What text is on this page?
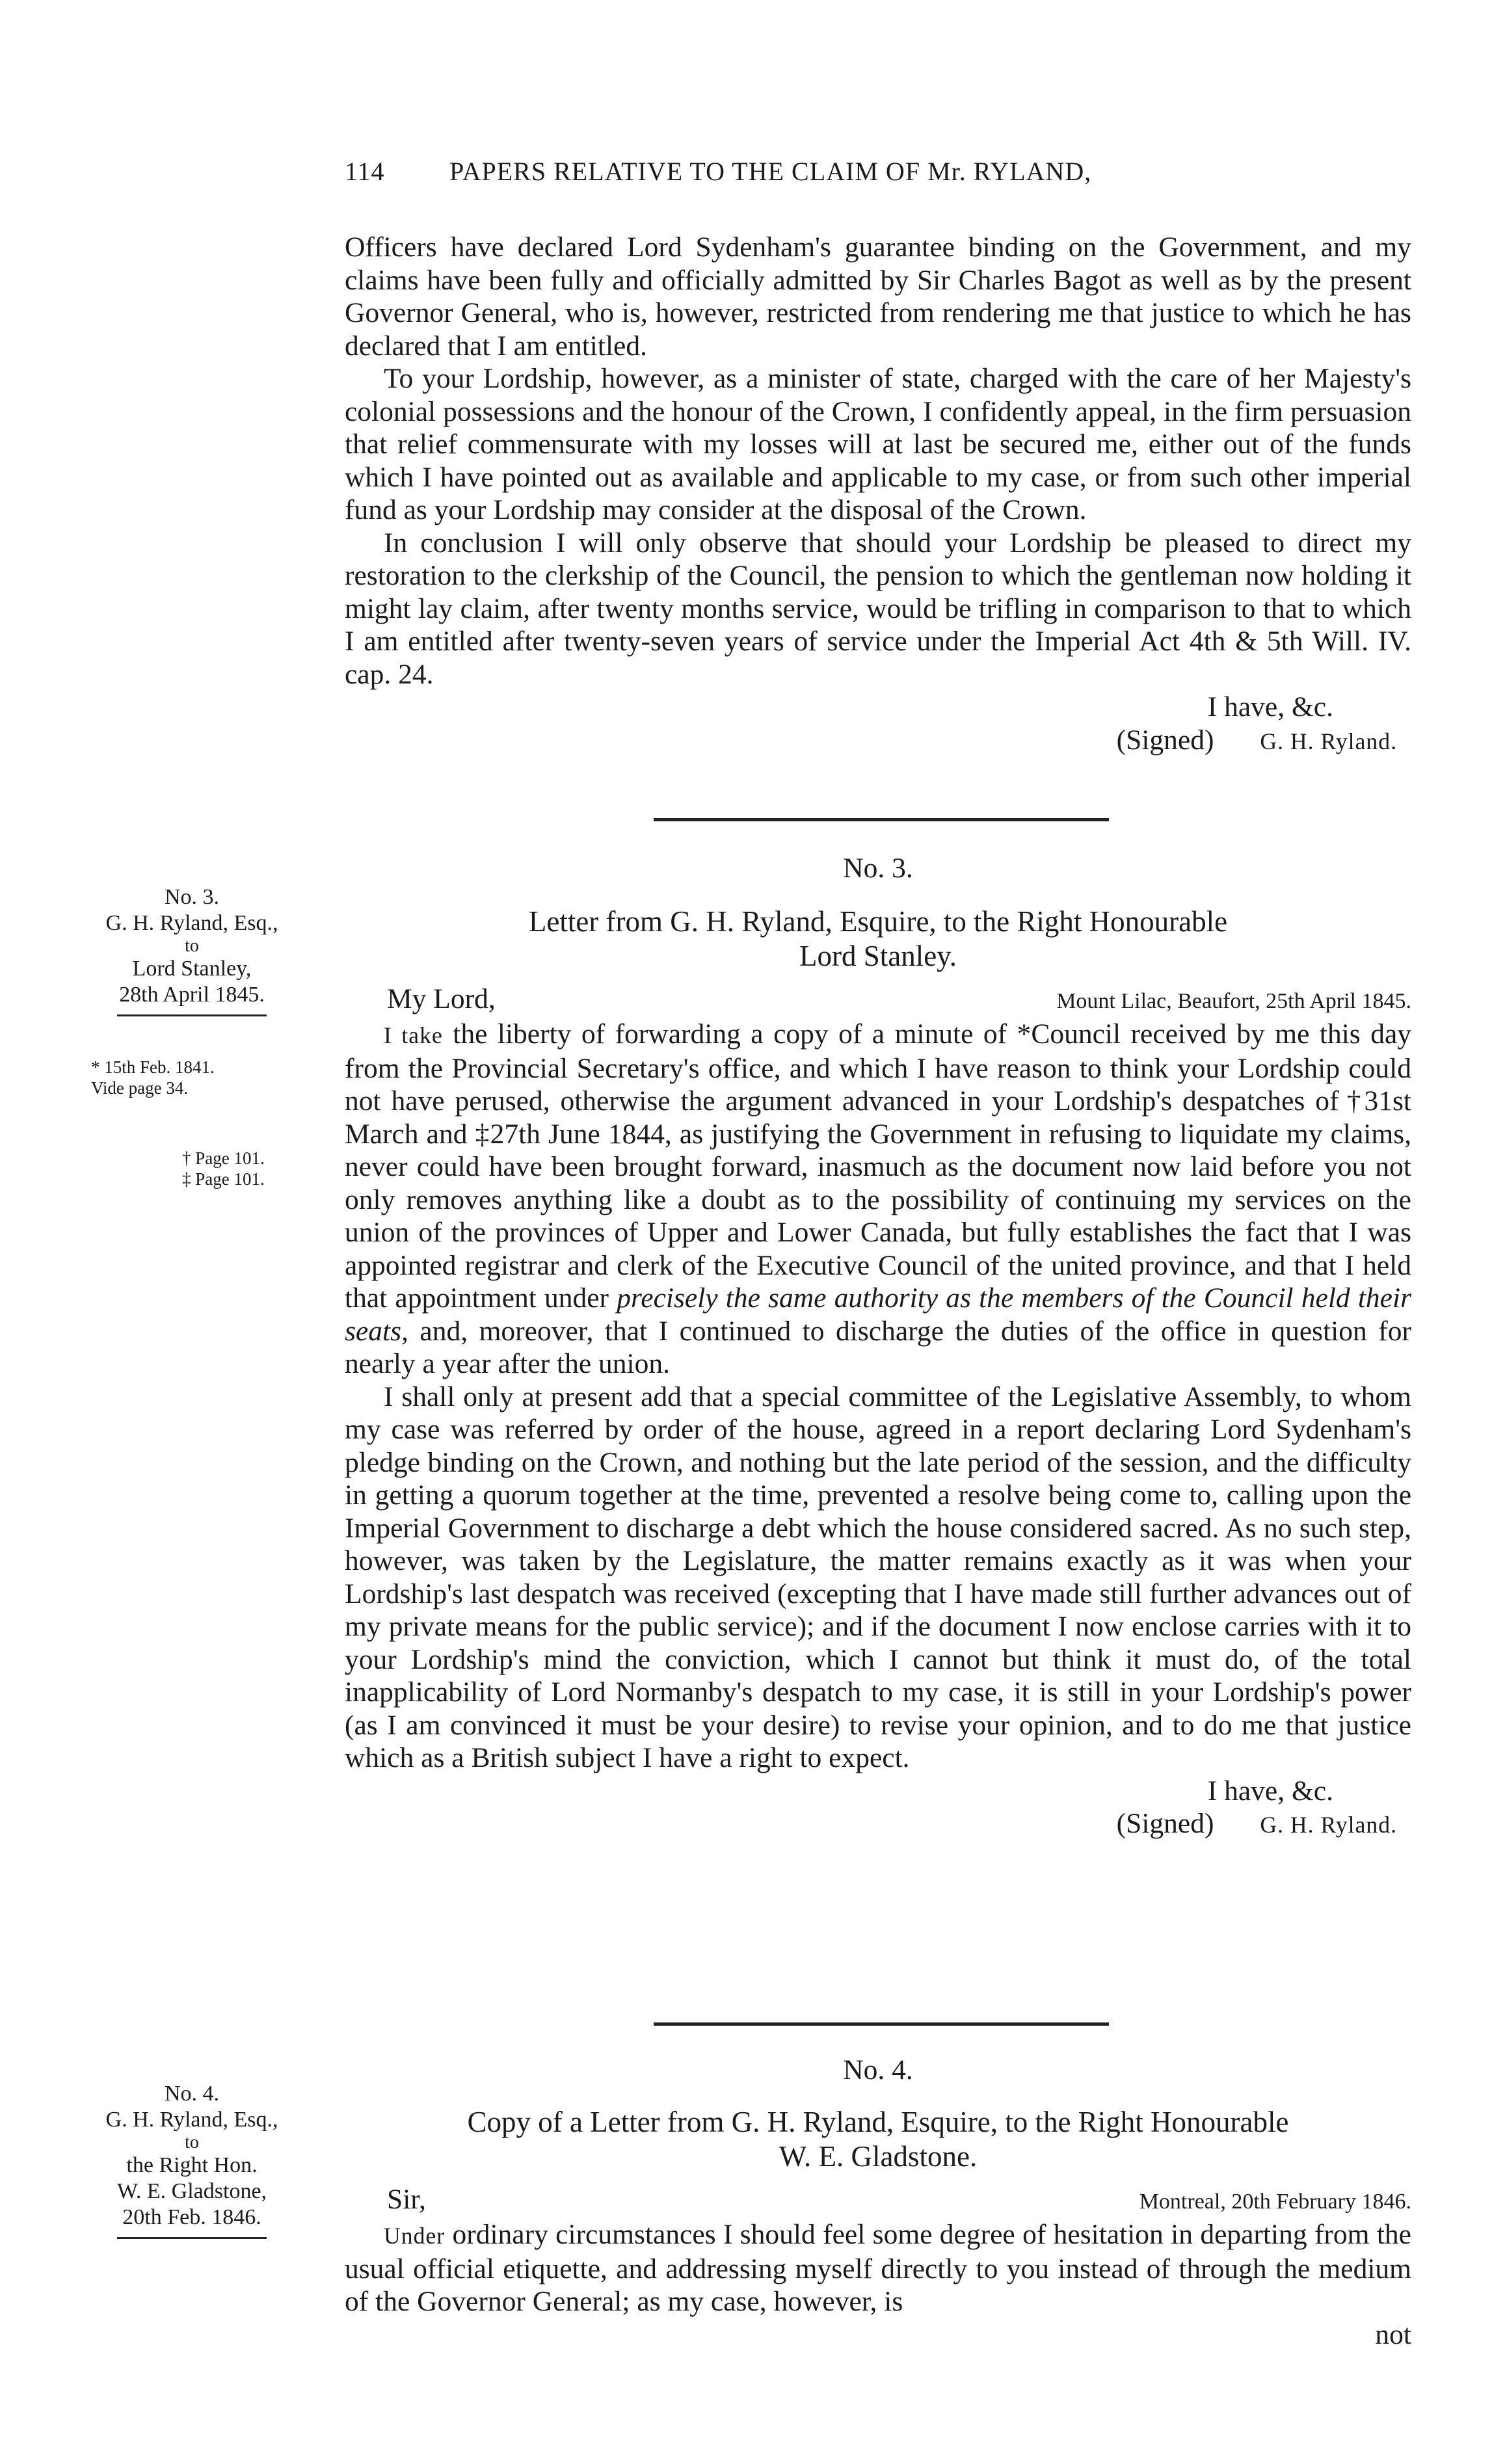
114 PAPERS RELATIVE TO THE CLAIM OF Mr. RYLAND,

Officers have declared Lord Sydenham's guarantee binding on the Government, and my claims have been fully and officially admitted by Sir Charles Bagot as well as by the present Governor General, who is, however, restricted from rendering me that justice to which he has declared that I am entitled.

To your Lordship, however, as a minister of state, charged with the care of her Majesty's colonial possessions and the honour of the Crown, I confidently appeal, in the firm persuasion that relief commensurate with my losses will at last be secured me, either out of the funds which I have pointed out as available and applicable to my case, or from such other imperial fund as your Lordship may consider at the disposal of the Crown.

In conclusion I will only observe that should your Lordship be pleased to direct my restoration to the clerkship of the Council, the pension to which the gentleman now holding it might lay claim, after twenty months service, would be trifling in comparison to that to which I am entitled after twenty-seven years of service under the Imperial Act 4th & 5th Will. IV. cap. 24.

I have, &c.

(Signed) G. H. Ryland.

No. 3.

Letter from G. H. Ryland, Esquire, to the Right Honourable
Lord Stanley.
My Lord,	Mount Lilac, Beaufort, 25th April 1845.

I take the liberty of forwarding a copy of a minute of *Council received by me this day from the Provincial Secretary's office, and which I have reason to think your Lordship could not have perused, otherwise the argument advanced in your Lordship's despatches of  †31st March and ‡27th June 1844, as justifying the Government in refusing to liquidate my claims, never could have been brought forward, inasmuch as the document now laid before you not only removes anything like a doubt as to the possibility of continuing my services on the union of the provinces of Upper and Lower Canada, but fully establishes the fact that I was appointed registrar and clerk of the Executive Council of the united province, and that I held that appointment under precisely the same authority as the members of the Council held their seats, and, moreover, that I continued to discharge the duties of the office in question for nearly a year after the union.

I shall only at present add that a special committee of the Legislative Assembly, to whom my case was referred by order of the house, agreed in a report declaring Lord Sydenham's pledge binding on the Crown, and nothing but the late period of the session, and the difficulty in getting a quorum together at the time, prevented a resolve being come to, calling upon the Imperial Government to discharge a debt which the house considered sacred. As no such step, however, was taken by the Legislature, the matter remains exactly as it was when your Lordship's last despatch was received (excepting that I have made still further advances out of my private means for the public service); and if the document I now enclose carries with it to your Lordship's mind the conviction, which I cannot but think it must do, of the total inapplicability of Lord Normanby's despatch to my case, it is still in your Lordship's power (as I am convinced it must be your desire) to revise your opinion, and to do me that justice which as a British subject I have a right to expect.

I have, &c.

(Signed) G. H. Ryland.

No. 4.

Copy of a Letter from G. H. Ryland, Esquire, to the Right Honourable
W. E. Gladstone.
Sir,	Montreal, 20th February 1846.

Under ordinary circumstances I should feel some degree of hesitation in departing from the usual official etiquette, and addressing myself directly to you instead of through the medium of the Governor General; as my case, however, is

not

No. 3.
G. H. Ryland, Esq.,
to
Lord Stanley,
28th April 1845.
* 15th Feb. 1841.
Vide page 34.
† Page 101.
‡ Page 101.
No. 4.
G. H. Ryland, Esq.,
to
the Right Hon.
W. E. Gladstone,
20th Feb. 1846.
